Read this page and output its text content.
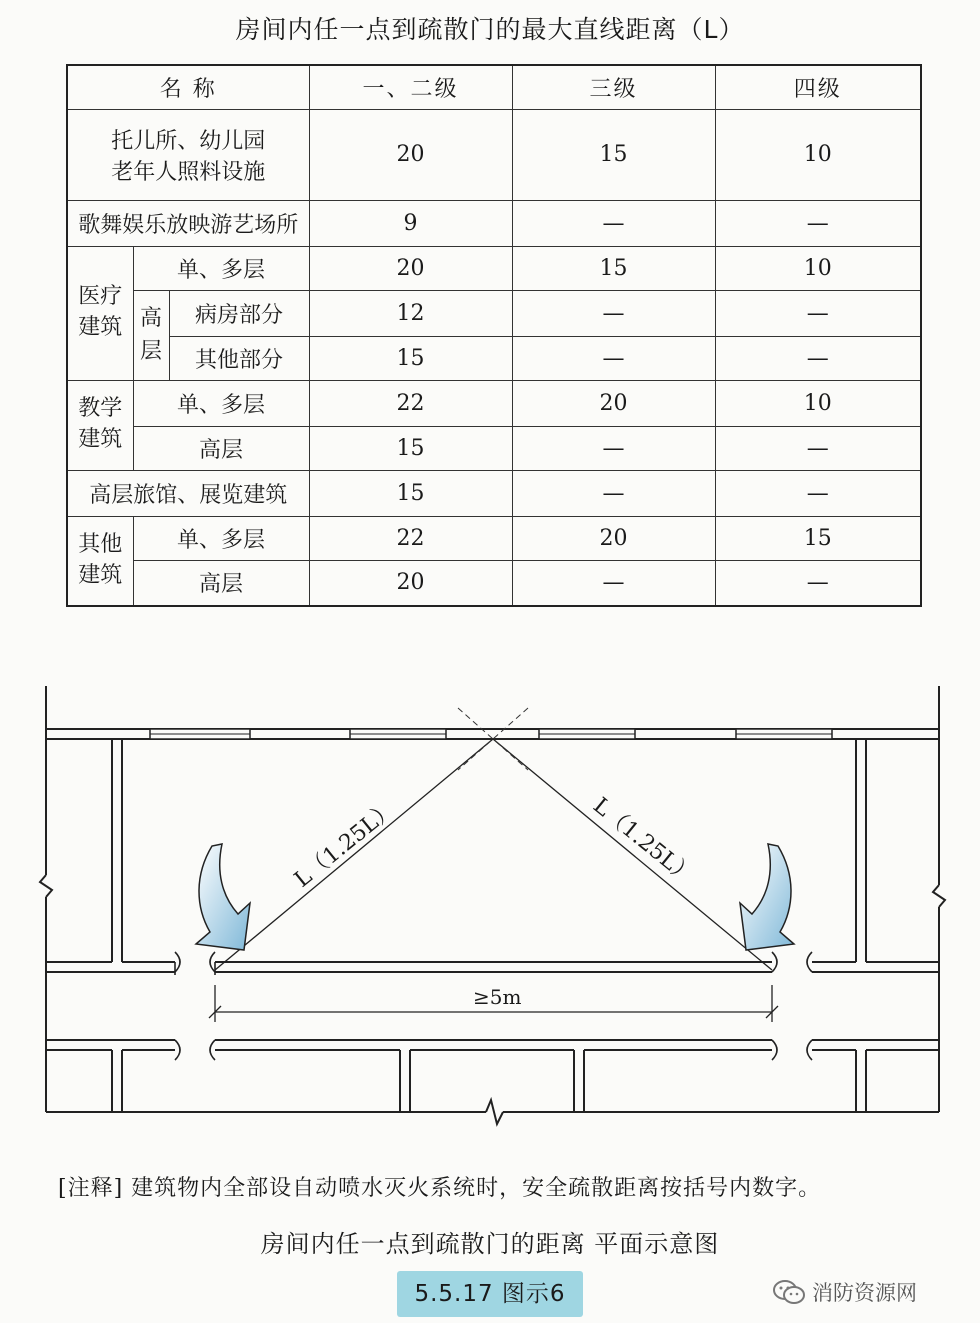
房间内任一点到疏散门的最大直线距离（L）
名 称			一、二级	三级	四级

托儿所、幼儿园
老年人照料设施			20	15	10
歌舞娱乐放映游艺场所			9	—	—

医疗建筑	单、多层		20	15	10

	高层	病房部分	12	—	—
		其他部分	15	—	—

教学建筑	单、多层		22	20	10
	高层		15	—	—
高层旅馆、展览建筑			15	—	—

其他建筑	单、多层		22	20	15
	高层		20	—	—
L（1.25L）	L（1.25L）
≥5m
[注释] 建筑物内全部设自动喷水灭火系统时，安全疏散距离按括号内数字。
房间内任一点到疏散门的距离 平面示意图
5.5.17 图示6	消防资源网
